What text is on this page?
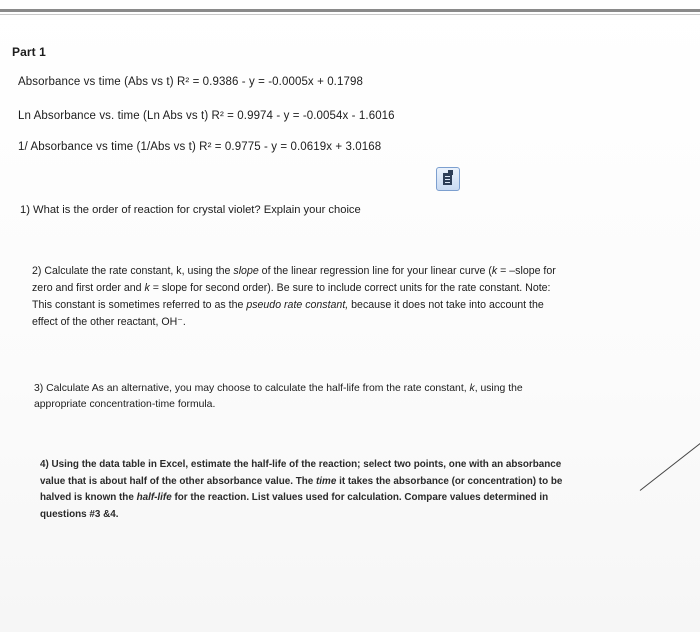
Part 1
Absorbance vs time (Abs vs t) R² = 0.9386 - y = -0.0005x + 0.1798
Ln Absorbance vs. time (Ln Abs vs t) R² = 0.9974 - y = -0.0054x - 1.6016
1/ Absorbance vs time (1/Abs vs t) R² = 0.9775 - y = 0.0619x + 3.0168
1) What is the order of reaction for crystal violet? Explain your choice
2) Calculate the rate constant, k, using the slope of the linear regression line for your linear curve (k = –slope for
zero and first order and k = slope for second order). Be sure to include correct units for the rate constant. Note:
This constant is sometimes referred to as the pseudo rate constant, because it does not take into account the
effect of the other reactant, OH⁻.
3) Calculate As an alternative, you may choose to calculate the half-life from the rate constant, k, using the
appropriate concentration-time formula.
4) Using the data table in Excel, estimate the half-life of the reaction; select two points, one with an absorbance
value that is about half of the other absorbance value. The time it takes the absorbance (or concentration) to be
halved is known the half-life for the reaction. List values used for calculation. Compare values determined in
questions #3 &4.
